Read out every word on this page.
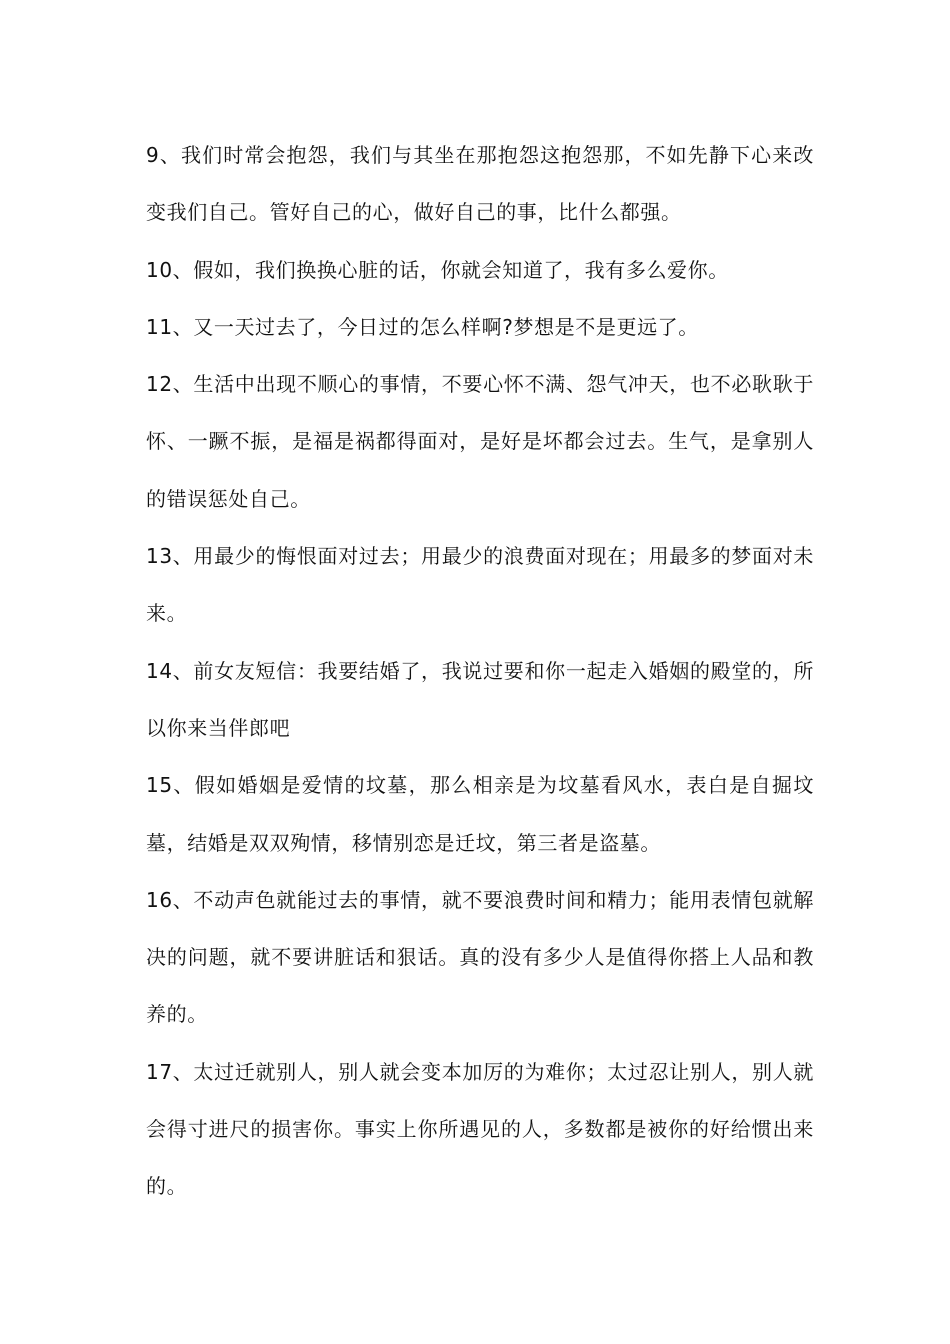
9、我们时常会抱怨，我们与其坐在那抱怨这抱怨那，不如先静下心来改变我们自己。管好自己的心，做好自己的事，比什么都强。

10、假如，我们换换心脏的话，你就会知道了，我有多么爱你。

11、又一天过去了，今日过的怎么样啊?梦想是不是更远了。

12、生活中出现不顺心的事情，不要心怀不满、怨气冲天，也不必耿耿于怀、一蹶不振，是福是祸都得面对，是好是坏都会过去。生气，是拿别人的错误惩处自己。

13、用最少的悔恨面对过去；用最少的浪费面对现在；用最多的梦面对未来。

14、前女友短信：我要结婚了，我说过要和你一起走入婚姻的殿堂的，所以你来当伴郎吧

15、假如婚姻是爱情的坟墓，那么相亲是为坟墓看风水，表白是自掘坟墓，结婚是双双殉情，移情别恋是迁坟，第三者是盗墓。

16、不动声色就能过去的事情，就不要浪费时间和精力；能用表情包就解决的问题，就不要讲脏话和狠话。真的没有多少人是值得你搭上人品和教养的。

17、太过迁就别人，别人就会变本加厉的为难你；太过忍让别人，别人就会得寸进尺的损害你。事实上你所遇见的人，多数都是被你的好给惯出来的。
